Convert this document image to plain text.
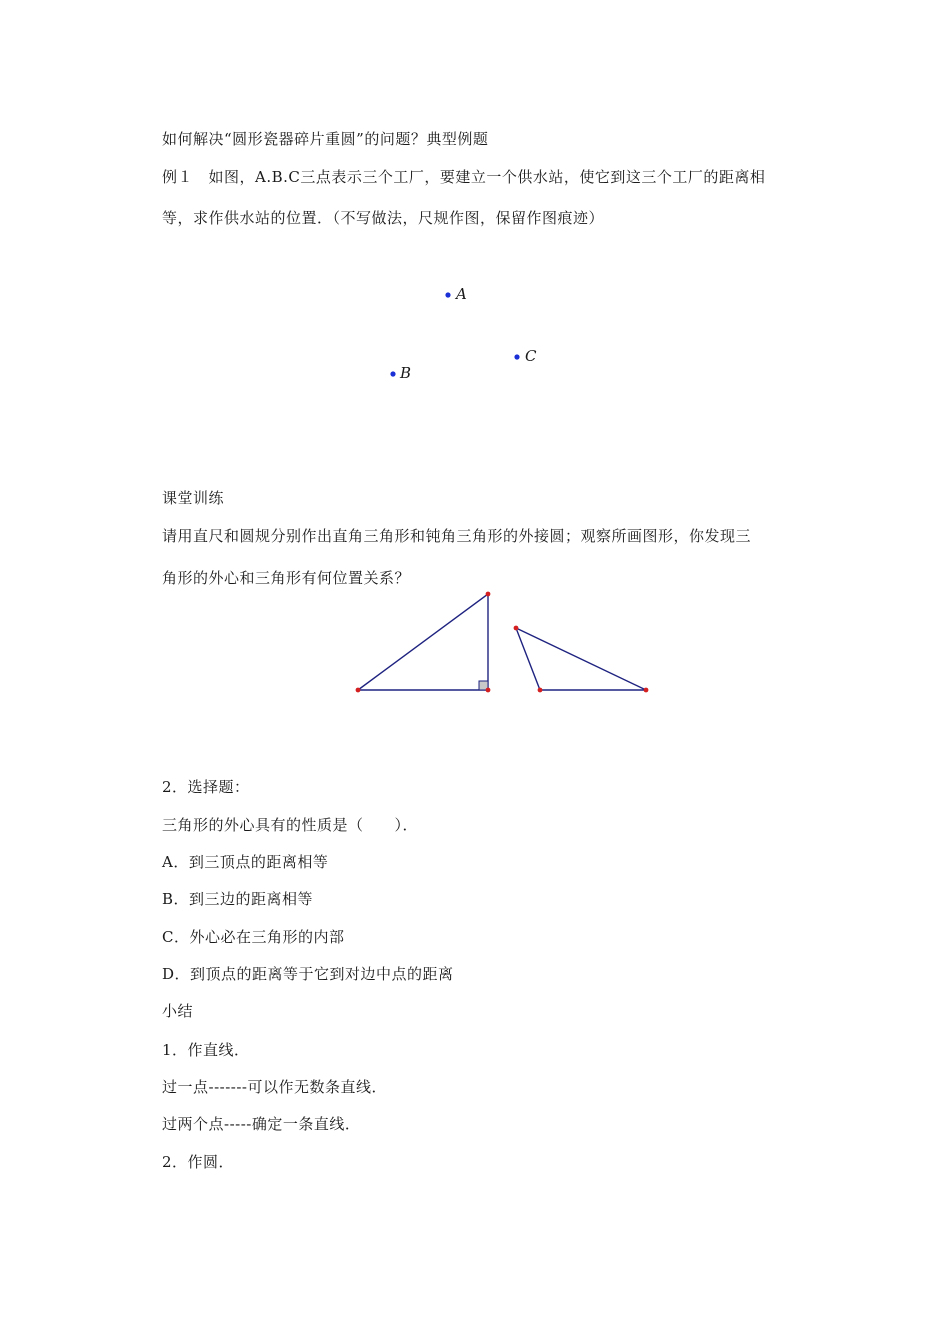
如何解决“圆形瓷器碎片重圆”的问题？典型例题
例１　如图，A.B.C三点表示三个工厂，要建立一个供水站，使它到这三个工厂的距离相
等，求作供水站的位置．（不写做法，尺规作图，保留作图痕迹）
A
B
C
课堂训练
请用直尺和圆规分别作出直角三角形和钝角三角形的外接圆；观察所画图形，你发现三
角形的外心和三角形有何位置关系？
2．选择题：
三角形的外心具有的性质是（　　）．
A．到三顶点的距离相等
B．到三边的距离相等
C．外心必在三角形的内部
D．到顶点的距离等于它到对边中点的距离
小结
1．作直线．
过一点-------可以作无数条直线．
过两个点-----确定一条直线．
2．作圆．
